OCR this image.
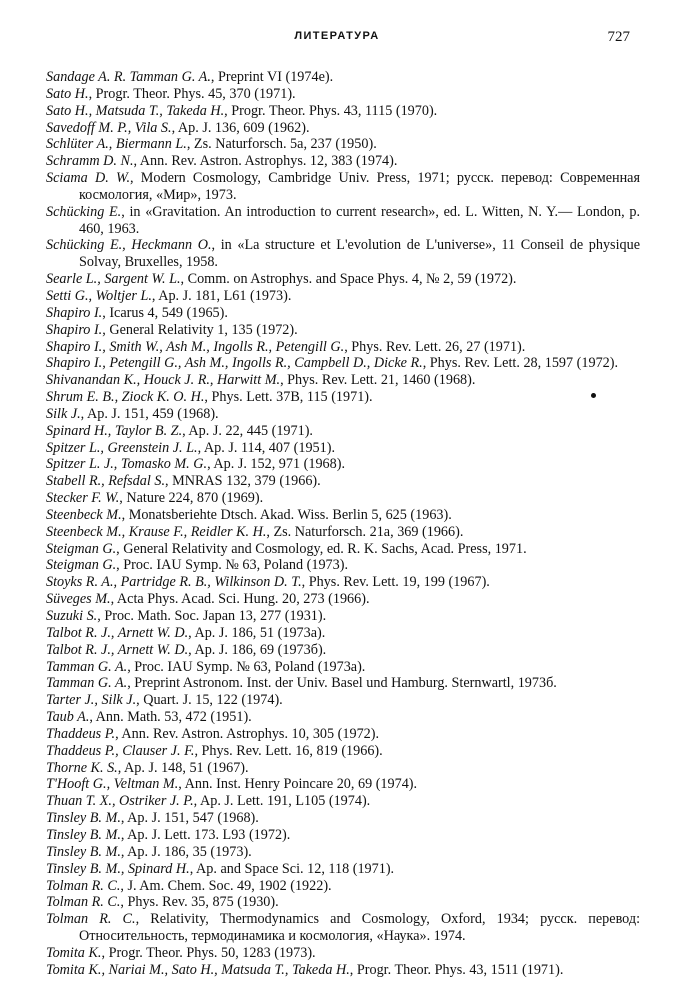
ЛИТЕРАТУРА	727
Sandage A. R. Tamman G. A., Preprint VI (1974e).
Sato H., Progr. Theor. Phys. 45, 370 (1971).
Sato H., Matsuda T., Takeda H., Progr. Theor. Phys. 43, 1115 (1970).
Savedoff M. P., Vila S., Ap. J. 136, 609 (1962).
Schlüter A., Biermann L., Zs. Naturforsch. 5a, 237 (1950).
Schramm D. N., Ann. Rev. Astron. Astrophys. 12, 383 (1974).
Sciama D. W., Modern Cosmology, Cambridge Univ. Press, 1971; русск. перевод: Современная космология, «Мир», 1973.
Schücking E., in «Gravitation. An introduction to current research», ed. L. Witten, N. Y.— London, p. 460, 1963.
Schücking E., Heckmann O., in «La structure et L'evolution de L'universe», 11 Conseil de physique Solvay, Bruxelles, 1958.
Searle L., Sargent W. L., Comm. on Astrophys. and Space Phys. 4, № 2, 59 (1972).
Setti G., Woltjer L., Ap. J. 181, L61 (1973).
Shapiro I., Icarus 4, 549 (1965).
Shapiro I., General Relativity 1, 135 (1972).
Shapiro I., Smith W., Ash M., Ingolls R., Petengill G., Phys. Rev. Lett. 26, 27 (1971).
Shapiro I., Petengill G., Ash M., Ingolls R., Campbell D., Dicke R., Phys. Rev. Lett. 28, 1597 (1972).
Shivanandan K., Houck J. R., Harwitt M., Phys. Rev. Lett. 21, 1460 (1968).
Shrum E. B., Ziock K. O. H., Phys. Lett. 37B, 115 (1971).
Silk J., Ap. J. 151, 459 (1968).
Spinard H., Taylor B. Z., Ap. J. 22, 445 (1971).
Spitzer L., Greenstein J. L., Ap. J. 114, 407 (1951).
Spitzer L. J., Tomasko M. G., Ap. J. 152, 971 (1968).
Stabell R., Refsdal S., MNRAS 132, 379 (1966).
Stecker F. W., Nature 224, 870 (1969).
Steenbeck M., Monatsberiehte Dtsch. Akad. Wiss. Berlin 5, 625 (1963).
Steenbeck M., Krause F., Reidler K. H., Zs. Naturforsch. 21a, 369 (1966).
Steigman G., General Relativity and Cosmology, ed. R. K. Sachs, Acad. Press, 1971.
Steigman G., Proc. IAU Symp. № 63, Poland (1973).
Stoyks R. A., Partridge R. B., Wilkinson D. T., Phys. Rev. Lett. 19, 199 (1967).
Süveges M., Acta Phys. Acad. Sci. Hung. 20, 273 (1966).
Suzuki S., Proc. Math. Soc. Japan 13, 277 (1931).
Talbot R. J., Arnett W. D., Ap. J. 186, 51 (1973a).
Talbot R. J., Arnett W. D., Ap. J. 186, 69 (1973б).
Tamman G. A., Proc. IAU Symp. № 63, Poland (1973a).
Tamman G. A., Preprint Astronom. Inst. der Univ. Basel und Hamburg. Sternwartl, 1973б.
Tarter J., Silk J., Quart. J. 15, 122 (1974).
Taub A., Ann. Math. 53, 472 (1951).
Thaddeus P., Ann. Rev. Astron. Astrophys. 10, 305 (1972).
Thaddeus P., Clauser J. F., Phys. Rev. Lett. 16, 819 (1966).
Thorne K. S., Ap. J. 148, 51 (1967).
T'Hooft G., Veltman M., Ann. Inst. Henry Poincare 20, 69 (1974).
Thuan T. X., Ostriker J. P., Ap. J. Lett. 191, L105 (1974).
Tinsley B. M., Ap. J. 151, 547 (1968).
Tinsley B. M., Ap. J. Lett. 173. L93 (1972).
Tinsley B. M., Ap. J. 186, 35 (1973).
Tinsley B. M., Spinard H., Ap. and Space Sci. 12, 118 (1971).
Tolman R. C., J. Am. Chem. Soc. 49, 1902 (1922).
Tolman R. C., Phys. Rev. 35, 875 (1930).
Tolman R. C., Relativity, Thermodynamics and Cosmology, Oxford, 1934; русск. перевод: Относительность, термодинамика и космология, «Наука». 1974.
Tomita K., Progr. Theor. Phys. 50, 1283 (1973).
Tomita K., Nariai M., Sato H., Matsuda T., Takeda H., Progr. Theor. Phys. 43, 1511 (1971).
